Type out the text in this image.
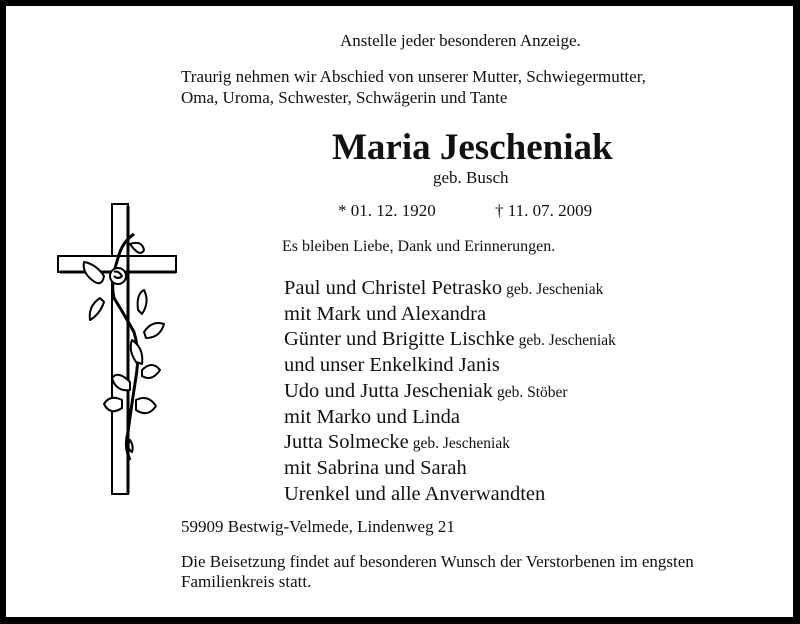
Anstelle jeder besonderen Anzeige.
Traurig nehmen wir Abschied von unserer Mutter, Schwiegermutter,
Oma, Uroma, Schwester, Schwägerin und Tante
Maria Jescheniak
geb. Busch
* 01. 12. 1920	† 11. 07. 2009
Es bleiben Liebe, Dank und Erinnerungen.
Paul und Christel Petrasko geb. Jescheniak
mit Mark und Alexandra
Günter und Brigitte Lischke geb. Jescheniak
und unser Enkelkind Janis
Udo und Jutta Jescheniak geb. Stöber
mit Marko und Linda
Jutta Solmecke geb. Jescheniak
mit Sabrina und Sarah
Urenkel und alle Anverwandten
59909 Bestwig-Velmede, Lindenweg 21
Die Beisetzung findet auf besonderen Wunsch der Verstorbenen im engsten
Familienkreis statt.
